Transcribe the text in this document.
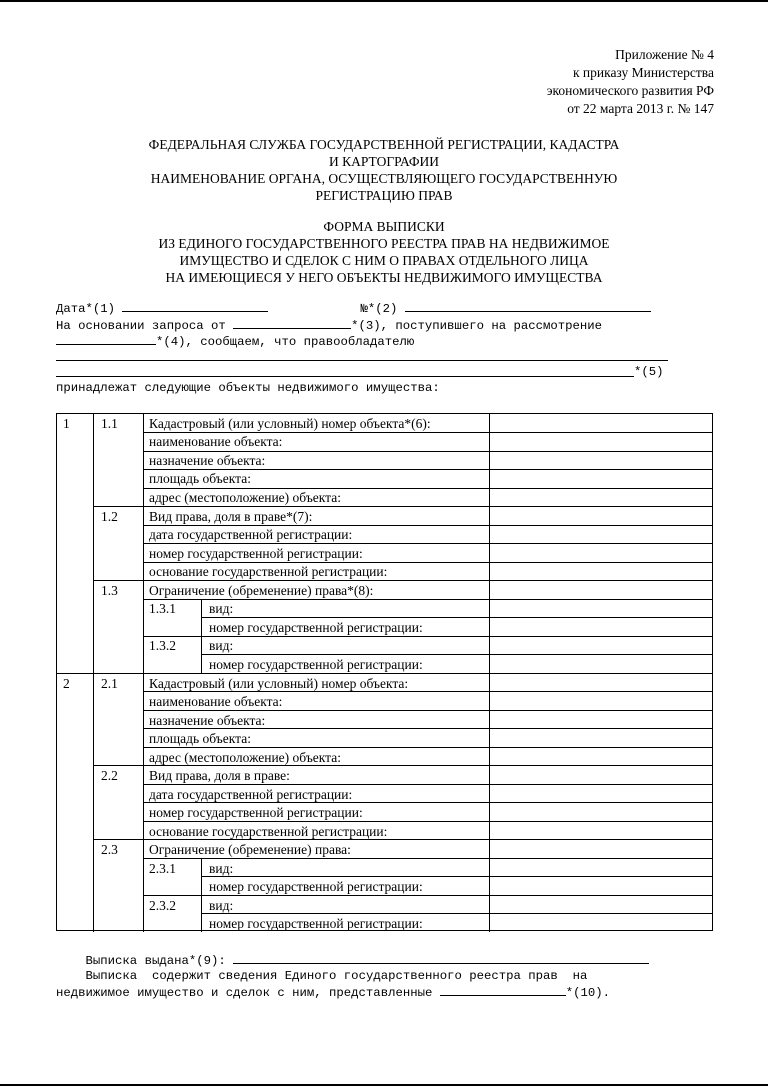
Приложение № 4
к приказу Министерства
экономического развития РФ
от 22 марта 2013 г. № 147
ФЕДЕРАЛЬНАЯ СЛУЖБА ГОСУДАРСТВЕННОЙ РЕГИСТРАЦИИ, КАДАСТРА
И КАРТОГРАФИИ
НАИМЕНОВАНИЕ ОРГАНА, ОСУЩЕСТВЛЯЮЩЕГО ГОСУДАРСТВЕННУЮ
РЕГИСТРАЦИЮ ПРАВ
ФОРМА ВЫПИСКИ
ИЗ ЕДИНОГО ГОСУДАРСТВЕННОГО РЕЕСТРА ПРАВ НА НЕДВИЖИМОЕ
ИМУЩЕСТВО И СДЕЛОК С НИМ О ПРАВАХ ОТДЕЛЬНОГО ЛИЦА
НА ИМЕЮЩИЕСЯ У НЕГО ОБЪЕКТЫ НЕДВИЖИМОГО ИМУЩЕСТВА
Дата*(1)	№*(2)
На основании запроса от	*(3), поступившего на рассмотрение
*(4), сообщаем, что правообладателю
*(5)
принадлежат следующие объекты недвижимого имущества:
1 1.1 Кадастровый (или условный) номер объекта*(6):
наименование объекта:
назначение объекта:
площадь объекта:
адрес (местоположение) объекта:
1.2 Вид права, доля в праве*(7):
дата государственной регистрации:
номер государственной регистрации:
основание государственной регистрации:
1.3 Ограничение (обременение) права*(8):
1.3.1 вид:
номер государственной регистрации:
1.3.2 вид:
номер государственной регистрации:
2 2.1 Кадастровый (или условный) номер объекта:
наименование объекта:
назначение объекта:
площадь объекта:
адрес (местоположение) объекта:
2.2 Вид права, доля в праве:
дата государственной регистрации:
номер государственной регистрации:
основание государственной регистрации:
2.3 Ограничение (обременение) права:
2.3.1 вид:
номер государственной регистрации:
2.3.2 вид:
номер государственной регистрации:
Выписка выдана*(9):
Выписка  содержит сведения Единого государственного реестра прав  на
недвижимое имущество и сделок с ним, представленные	*(10).
